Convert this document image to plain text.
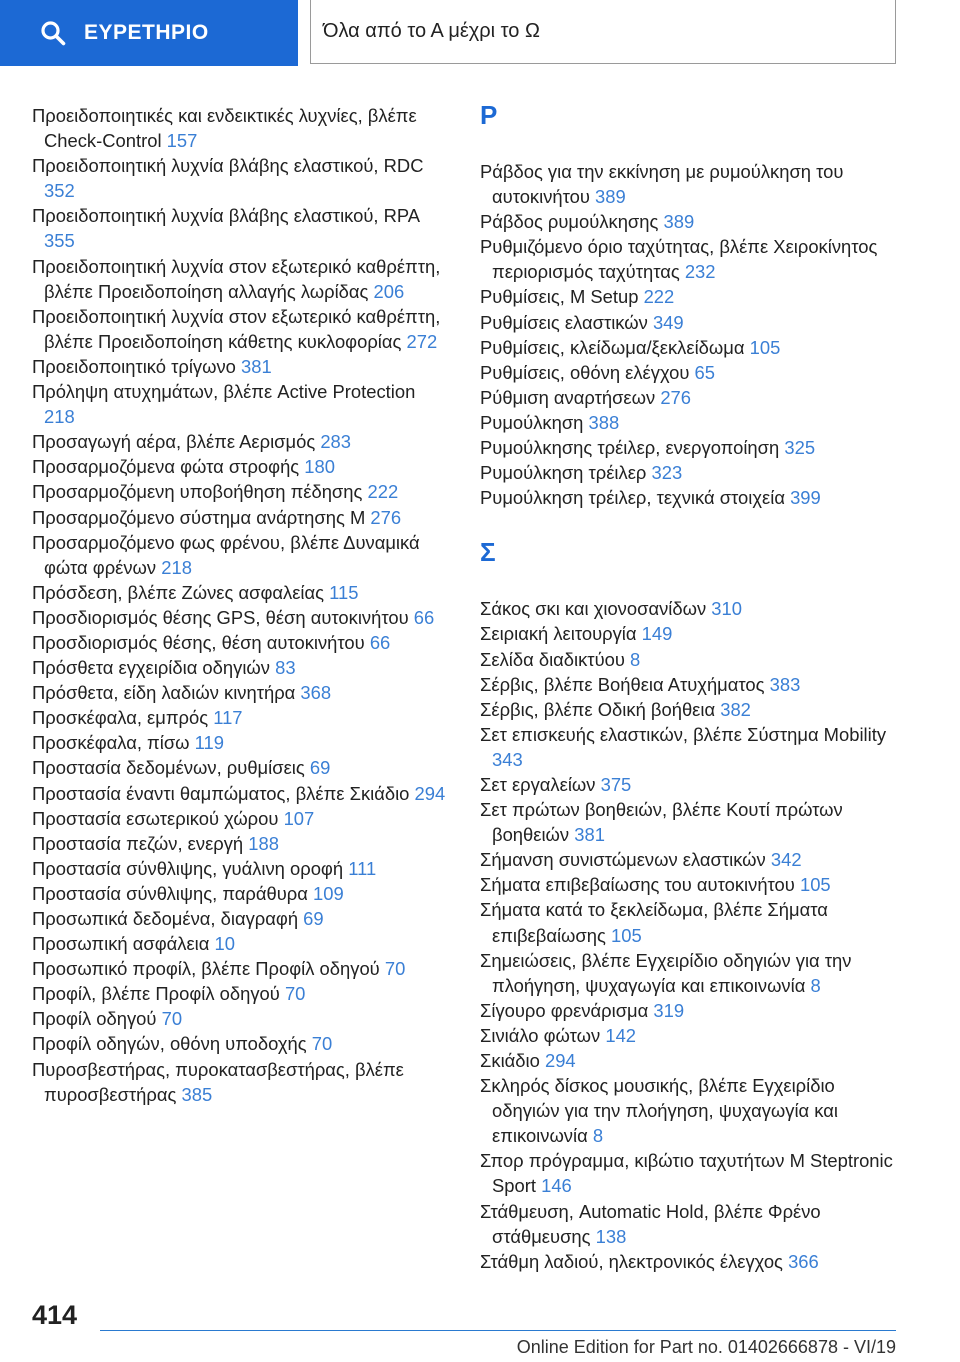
ΕΥΡΕΤΗΡΙΟ	Όλα από το Α μέχρι το Ω

Προειδοποιητικές και ενδεικτικές λυχνίες, βλέπε Check-Control 157

Προειδοποιητική λυχνία βλάβης ελαστικού, RDC 352

Προειδοποιητική λυχνία βλάβης ελαστικού, RPA 355

Προειδοποιητική λυχνία στον εξωτερικό καθρέπτη, βλέπε Προειδοποίηση αλλαγής λωρίδας 206

Προειδοποιητική λυχνία στον εξωτερικό καθρέπτη, βλέπε Προειδοποίηση κάθετης κυκλοφορίας 272

Προειδοποιητικό τρίγωνο 381

Πρόληψη ατυχημάτων, βλέπε Active Protection 218

Προσαγωγή αέρα, βλέπε Αερισμός 283

Προσαρμοζόμενα φώτα στροφής 180

Προσαρμοζόμενη υποβοήθηση πέδησης 222

Προσαρμοζόμενο σύστημα ανάρτησης M 276

Προσαρμοζόμενο φως φρένου, βλέπε Δυναμικά φώτα φρένων 218

Πρόσδεση, βλέπε Ζώνες ασφαλείας 115

Προσδιορισμός θέσης GPS, θέση αυτοκινήτου 66

Προσδιορισμός θέσης, θέση αυτοκινήτου 66

Πρόσθετα εγχειρίδια οδηγιών 83

Πρόσθετα, είδη λαδιών κινητήρα 368

Προσκέφαλα, εμπρός 117

Προσκέφαλα, πίσω 119

Προστασία δεδομένων, ρυθμίσεις 69

Προστασία έναντι θαμπώματος, βλέπε Σκιάδιο 294

Προστασία εσωτερικού χώρου 107

Προστασία πεζών, ενεργή 188

Προστασία σύνθλιψης, γυάλινη οροφή 111

Προστασία σύνθλιψης, παράθυρα 109

Προσωπικά δεδομένα, διαγραφή 69

Προσωπική ασφάλεια 10

Προσωπικό προφίλ, βλέπε Προφίλ οδηγού 70

Προφίλ, βλέπε Προφίλ οδηγού 70

Προφίλ οδηγού 70

Προφίλ οδηγών, οθόνη υποδοχής 70

Πυροσβεστήρας, πυροκατασβεστήρας, βλέπε πυροσβεστήρας 385

Ρ

Ράβδος για την εκκίνηση με ρυμούλκηση του αυτοκινήτου 389

Ράβδος ρυμούλκησης 389

Ρυθμιζόμενο όριο ταχύτητας, βλέπε Χειροκίνητος περιορισμός ταχύτητας 232

Ρυθμίσεις, M Setup 222

Ρυθμίσεις ελαστικών 349

Ρυθμίσεις, κλείδωμα/ξεκλείδωμα 105

Ρυθμίσεις, οθόνη ελέγχου 65

Ρύθμιση αναρτήσεων 276

Ρυμούλκηση 388

Ρυμούλκησης τρέιλερ, ενεργοποίηση 325

Ρυμούλκηση τρέιλερ 323

Ρυμούλκηση τρέιλερ, τεχνικά στοιχεία 399

Σ

Σάκος σκι και χιονοσανίδων 310

Σειριακή λειτουργία 149

Σελίδα διαδικτύου 8

Σέρβις, βλέπε Βοήθεια Ατυχήματος 383

Σέρβις, βλέπε Οδική βοήθεια 382

Σετ επισκευής ελαστικών, βλέπε Σύστημα Mobility 343

Σετ εργαλείων 375

Σετ πρώτων βοηθειών, βλέπε Κουτί πρώτων βοηθειών 381

Σήμανση συνιστώμενων ελαστικών 342

Σήματα επιβεβαίωσης του αυτοκινήτου 105

Σήματα κατά το ξεκλείδωμα, βλέπε Σήματα επιβεβαίωσης 105

Σημειώσεις, βλέπε Εγχειρίδιο οδηγιών για την πλοήγηση, ψυχαγωγία και επικοινωνία 8

Σίγουρο φρενάρισμα 319

Σινιάλο φώτων 142

Σκιάδιο 294

Σκληρός δίσκος μουσικής, βλέπε Εγχειρίδιο οδηγιών για την πλοήγηση, ψυχαγωγία και επικοινωνία 8

Σπορ πρόγραμμα, κιβώτιο ταχυτήτων M Steptronic Sport 146

Στάθμευση, Automatic Hold, βλέπε Φρένο στάθμευσης 138

Στάθμη λαδιού, ηλεκτρονικός έλεγχος 366

414
Online Edition for Part no. 01402666878 - VI/19
